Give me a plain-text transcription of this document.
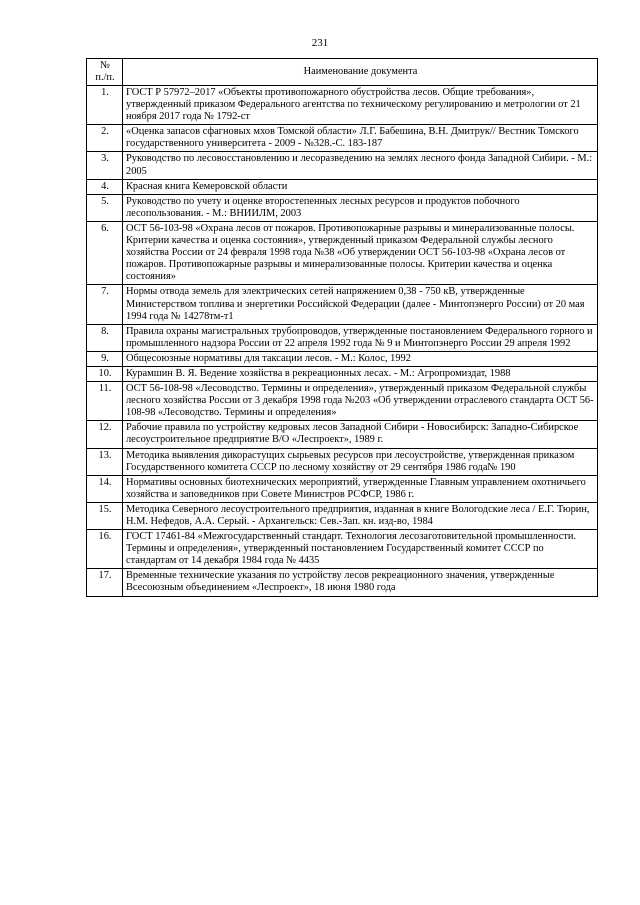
231
№
п./п.	Наименование документа
1.	ГОСТ Р 57972–2017 «Объекты противопожарного обустройства лесов. Общие требования», утвержденный приказом Федерального агентства по техническому регулированию и метрологии от 21 ноября 2017 года № 1792-ст
2.	«Оценка запасов сфагновых мхов Томской области» Л.Г. Бабешина, В.Н. Дмитрук// Вестник Томского государственного университета - 2009 - №328.-С. 183-187
3.	Руководство по лесовосстановлению и лесоразведению на землях лесного фонда Западной Сибири. - М.: 2005
4.	Красная книга Кемеровской области
5.	Руководство по учету и оценке второстепенных лесных ресурсов и продуктов побочного лесопользования. - М.: ВНИИЛМ, 2003
6.	ОСТ 56-103-98 «Охрана лесов от пожаров. Противопожарные разрывы и минерализованные полосы. Критерии качества и оценка состояния», утвержденный приказом Федеральной службы лесного хозяйства России от 24 февраля 1998 года №38 «Об утверждении ОСТ 56-103-98 «Охрана лесов от пожаров. Противопожарные разрывы и минерализованные полосы. Критерии качества и оценка состояния»
7.	Нормы отвода земель для электрических сетей напряжением 0,38 - 750 кВ, утвержденные Министерством топлива и энергетики Российской Федерации (далее - Минтопэнерго России) от 20 мая 1994 года № 14278тм-т1
8.	Правила охраны магистральных трубопроводов, утвержденные постановлением Федерального горного и промышленного надзора России от 22 апреля 1992 года № 9 и Минтопэнерго России 29 апреля 1992
9.	Общесоюзные нормативы для таксации лесов. - М.: Колос, 1992
10.	Курамшин В. Я. Ведение хозяйства в рекреационных лесах. - М.: Агропромиздат, 1988
11.	ОСТ 56-108-98 «Лесоводство. Термины и определения», утвержденный приказом Федеральной службы лесного хозяйства России от 3 декабря 1998 года №203 «Об утверждении отраслевого стандарта ОСТ 56-108-98 «Лесоводство. Термины и определения»
12.	Рабочие правила по устройству кедровых лесов Западной Сибири - Новосибирск: Западно-Сибирское лесоустроительное предприятие В/О «Леспроект», 1989 г.
13.	Методика выявления дикорастущих сырьевых ресурсов при лесоустройстве, утвержденная приказом Государственного комитета СССР по лесному хозяйству от 29 сентября 1986 года№ 190
14.	Нормативы основных биотехнических мероприятий, утвержденные Главным управлением охотничьего хозяйства и заповедников при Совете Министров РСФСР, 1986 г.
15.	Методика Северного лесоустроительного предприятия, изданная в книге Вологодские леса / Е.Г. Тюрин, Н.М. Нефедов, А.А. Серый. - Архангельск: Сев.-Зап. кн. изд-во, 1984
16.	ГОСТ 17461-84 «Межгосударственный стандарт. Технология лесозаготовительной промышленности. Термины и определения», утвержденный постановлением Государственный комитет СССР по стандартам от 14 декабря 1984 года № 4435
17.	Временные технические указания по устройству лесов рекреационного значения, утвержденные Всесоюзным объединением «Леспроект», 18 июня 1980 года
